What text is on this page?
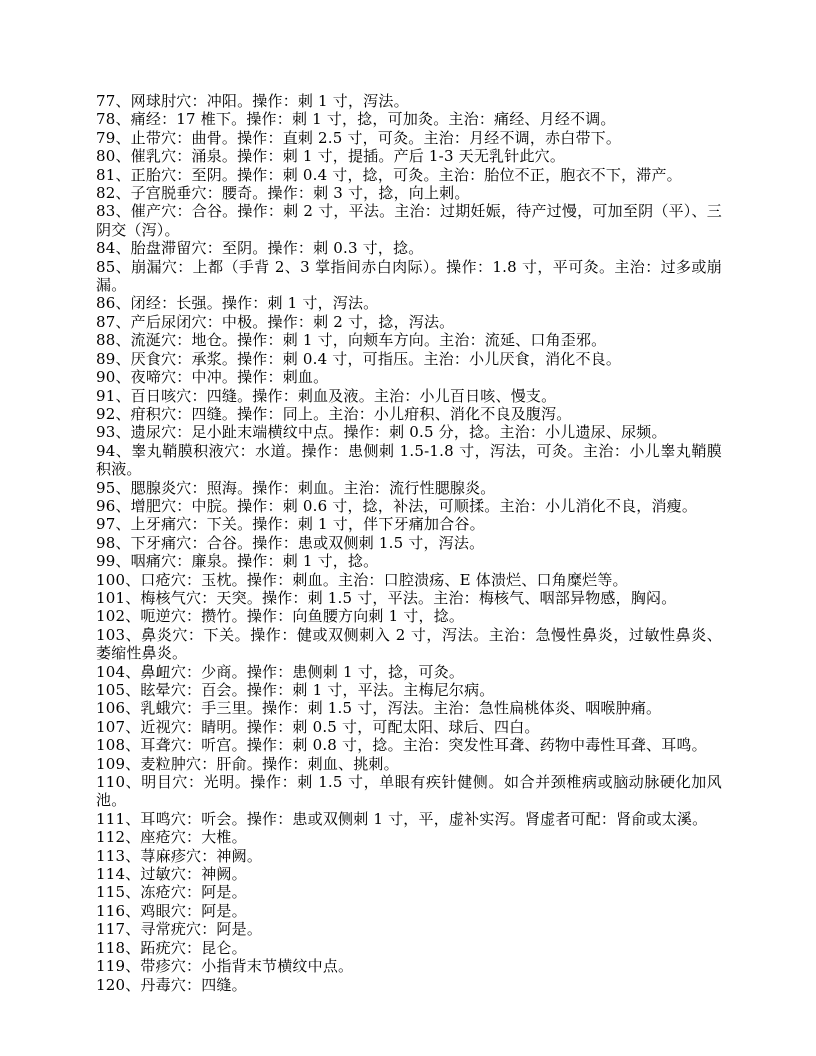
77、网球肘穴：冲阳。操作：刺 1 寸，泻法。

78、痛经：17 椎下。操作：刺 1 寸，捻，可加灸。主治：痛经、月经不调。

79、止带穴：曲骨。操作：直刺 2.5 寸，可灸。主治：月经不调，赤白带下。

80、催乳穴：涌泉。操作：刺 1 寸，提插。产后 1-3 天无乳针此穴。

81、正胎穴：至阴。操作：刺 0.4 寸，捻，可灸。主治：胎位不正，胞衣不下，滞产。

82、子宫脱垂穴：腰奇。操作：刺 3 寸，捻，向上刺。

83、催产穴：合谷。操作：刺 2 寸，平法。主治：过期妊娠，待产过慢，可加至阴（平）、三阴交（泻）。

84、胎盘滞留穴：至阴。操作：刺 0.3 寸，捻。

85、崩漏穴：上都（手背 2、3 掌指间赤白肉际）。操作：1.8 寸，平可灸。主治：过多或崩漏。

86、闭经：长强。操作：刺 1 寸，泻法。

87、产后尿闭穴：中极。操作：刺 2 寸，捻，泻法。

88、流涎穴：地仓。操作：刺 1 寸，向颊车方向。主治：流延、口角歪邪。

89、厌食穴：承浆。操作：刺 0.4 寸，可指压。主治：小儿厌食，消化不良。

90、夜啼穴：中冲。操作：刺血。

91、百日咳穴：四缝。操作：刺血及液。主治：小儿百日咳、慢支。

92、疳积穴：四缝。操作：同上。主治：小儿疳积、消化不良及腹泻。

93、遗尿穴：足小趾末端横纹中点。操作：刺 0.5 分，捻。主治：小儿遗尿、尿频。

94、睾丸鞘膜积液穴：水道。操作：患侧刺 1.5-1.8 寸，泻法，可灸。主治：小儿睾丸鞘膜积液。

95、腮腺炎穴：照海。操作：刺血。主治：流行性腮腺炎。

96、增肥穴：中脘。操作：刺 0.6 寸，捻，补法，可顺揉。主治：小儿消化不良，消瘦。

97、上牙痛穴：下关。操作：刺 1 寸，伴下牙痛加合谷。

98、下牙痛穴：合谷。操作：患或双侧刺 1.5 寸，泻法。

99、咽痛穴：廉泉。操作：刺 1 寸，捻。

100、口疮穴：玉枕。操作：刺血。主治：口腔溃疡、E 体溃烂、口角糜烂等。

101、梅核气穴：天突。操作：刺 1.5 寸，平法。主治：梅核气、咽部异物感，胸闷。

102、呃逆穴：攒竹。操作：向鱼腰方向刺 1 寸，捻。

103、鼻炎穴：下关。操作：健或双侧刺入 2 寸，泻法。主治：急慢性鼻炎，过敏性鼻炎、萎缩性鼻炎。

104、鼻衄穴：少商。操作：患侧刺 1 寸，捻，可灸。

105、眩晕穴：百会。操作：刺 1 寸，平法。主梅尼尔病。

106、乳蛾穴：手三里。操作：刺 1.5 寸，泻法。主治：急性扁桃体炎、咽喉肿痛。

107、近视穴：睛明。操作：刺 0.5 寸，可配太阳、球后、四白。

108、耳聋穴：听宫。操作：刺 0.8 寸，捻。主治：突发性耳聋、药物中毒性耳聋、耳鸣。

109、麦粒肿穴：肝俞。操作：刺血、挑刺。

110、明目穴：光明。操作：刺 1.5 寸，单眼有疾针健侧。如合并颈椎病或脑动脉硬化加风池。

111、耳鸣穴：听会。操作：患或双侧刺 1 寸，平，虚补实泻。肾虚者可配：肾俞或太溪。

112、座疮穴：大椎。

113、荨麻疹穴：神阙。

114、过敏穴：神阙。

115、冻疮穴：阿是。

116、鸡眼穴：阿是。

117、寻常疣穴：阿是。

118、跖疣穴：昆仑。

119、带疹穴：小指背末节横纹中点。

120、丹毒穴：四缝。
